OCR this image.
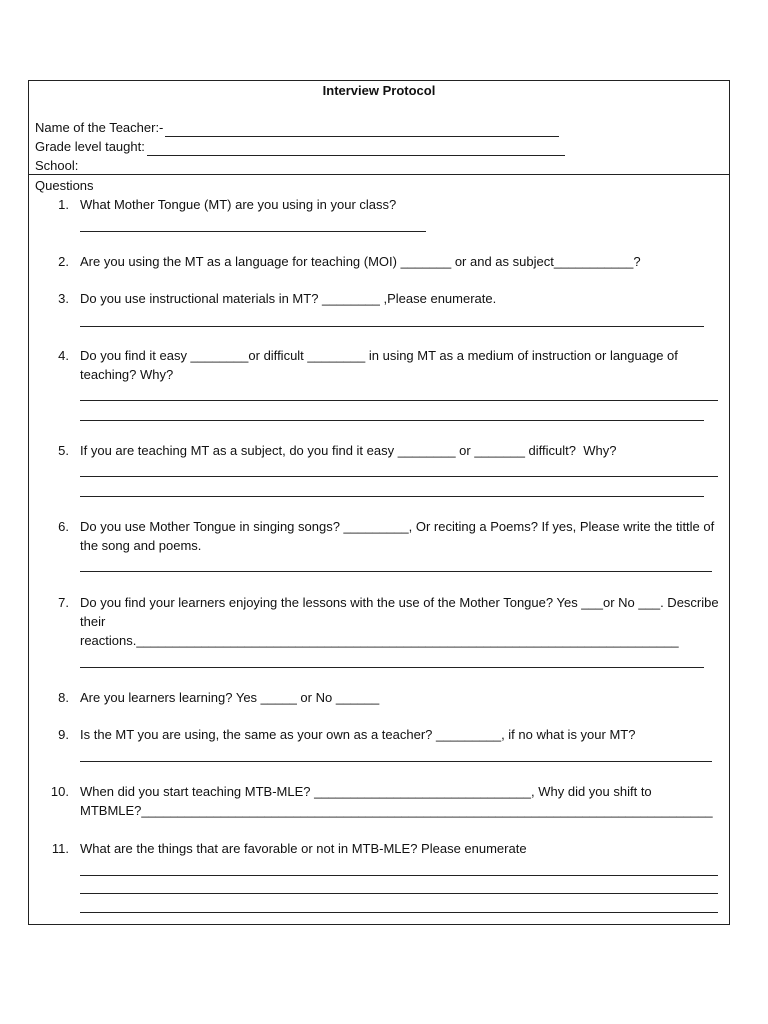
Interview Protocol
Name of the Teacher:-
Grade level taught:
School:
Questions
1. What Mother Tongue (MT) are you using in your class?
2. Are you using the MT as a language for teaching (MOI) _______ or and as subject___________?
3. Do you use instructional materials in MT? ________ ,Please enumerate.
4. Do you find it easy ________or difficult ________ in using MT as a medium of instruction or language of teaching? Why?
5. If you are teaching MT as a subject, do you find it easy ________ or _______ difficult?  Why?
6. Do you use Mother Tongue in singing songs? _________, Or reciting a Poems? If yes, Please write the tittle of the song and poems.
7. Do you find your learners enjoying the lessons with the use of the Mother Tongue? Yes ___or No ___. Describe their
reactions.___________________________________________________________________________
8. Are you learners learning? Yes _____ or No ______
9. Is the MT you are using, the same as your own as a teacher? _________, if no what is your MT?
10. When did you start teaching MTB-MLE? ______________________________, Why did you shift to
MTBMLE?_______________________________________________________________________________
11. What are the things that are favorable or not in MTB-MLE? Please enumerate
